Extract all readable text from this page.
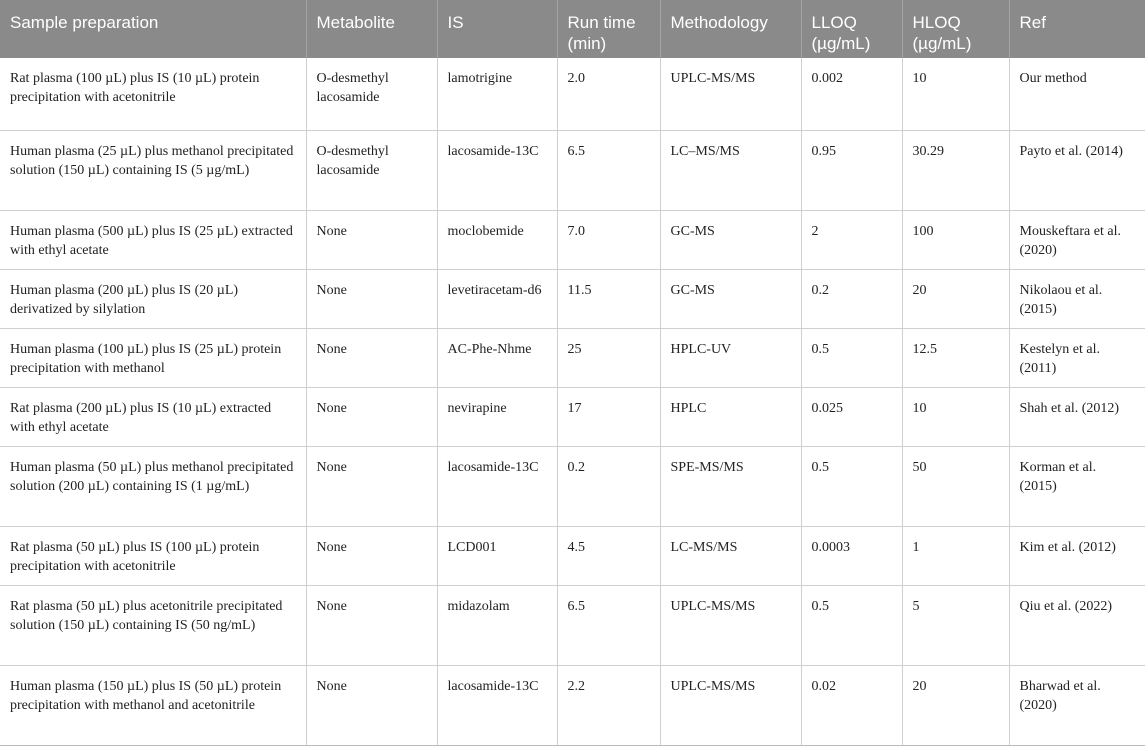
Sample preparation	Metabolite	IS	Run time (min)	Methodology	LLOQ (µg/mL)	HLOQ (µg/mL)	Ref
Rat plasma (100 µL) plus IS (10 µL) protein precipitation with acetonitrile	O-desmethyl lacosamide	lamotrigine	2.0	UPLC-MS/MS	0.002	10	Our method
Human plasma (25 µL) plus methanol precipitated solution (150 µL) containing IS (5 µg/mL)	O-desmethyl lacosamide	lacosamide-13C	6.5	LC–MS/MS	0.95	30.29	Payto et al. (2014)
Human plasma (500 µL) plus IS (25 µL) extracted with ethyl acetate	None	moclobemide	7.0	GC-MS	2	100	Mouskeftara et al. (2020)
Human plasma (200 µL) plus IS (20 µL) derivatized by silylation	None	levetiracetam-d6	11.5	GC-MS	0.2	20	Nikolaou et al. (2015)
Human plasma (100 µL) plus IS (25 µL) protein precipitation with methanol	None	AC-Phe-Nhme	25	HPLC-UV	0.5	12.5	Kestelyn et al. (2011)
Rat plasma (200 µL) plus IS (10 µL) extracted with ethyl acetate	None	nevirapine	17	HPLC	0.025	10	Shah et al. (2012)
Human plasma (50 µL) plus methanol precipitated solution (200 µL) containing IS (1 µg/mL)	None	lacosamide-13C	0.2	SPE-MS/MS	0.5	50	Korman et al. (2015)
Rat plasma (50 µL) plus IS (100 µL) protein precipitation with acetonitrile	None	LCD001	4.5	LC-MS/MS	0.0003	1	Kim et al. (2012)
Rat plasma (50 µL) plus acetonitrile precipitated solution (150 µL) containing IS (50 ng/mL)	None	midazolam	6.5	UPLC-MS/MS	0.5	5	Qiu et al. (2022)
Human plasma (150 µL) plus IS (50 µL) protein precipitation with methanol and acetonitrile	None	lacosamide-13C	2.2	UPLC-MS/MS	0.02	20	Bharwad et al. (2020)
